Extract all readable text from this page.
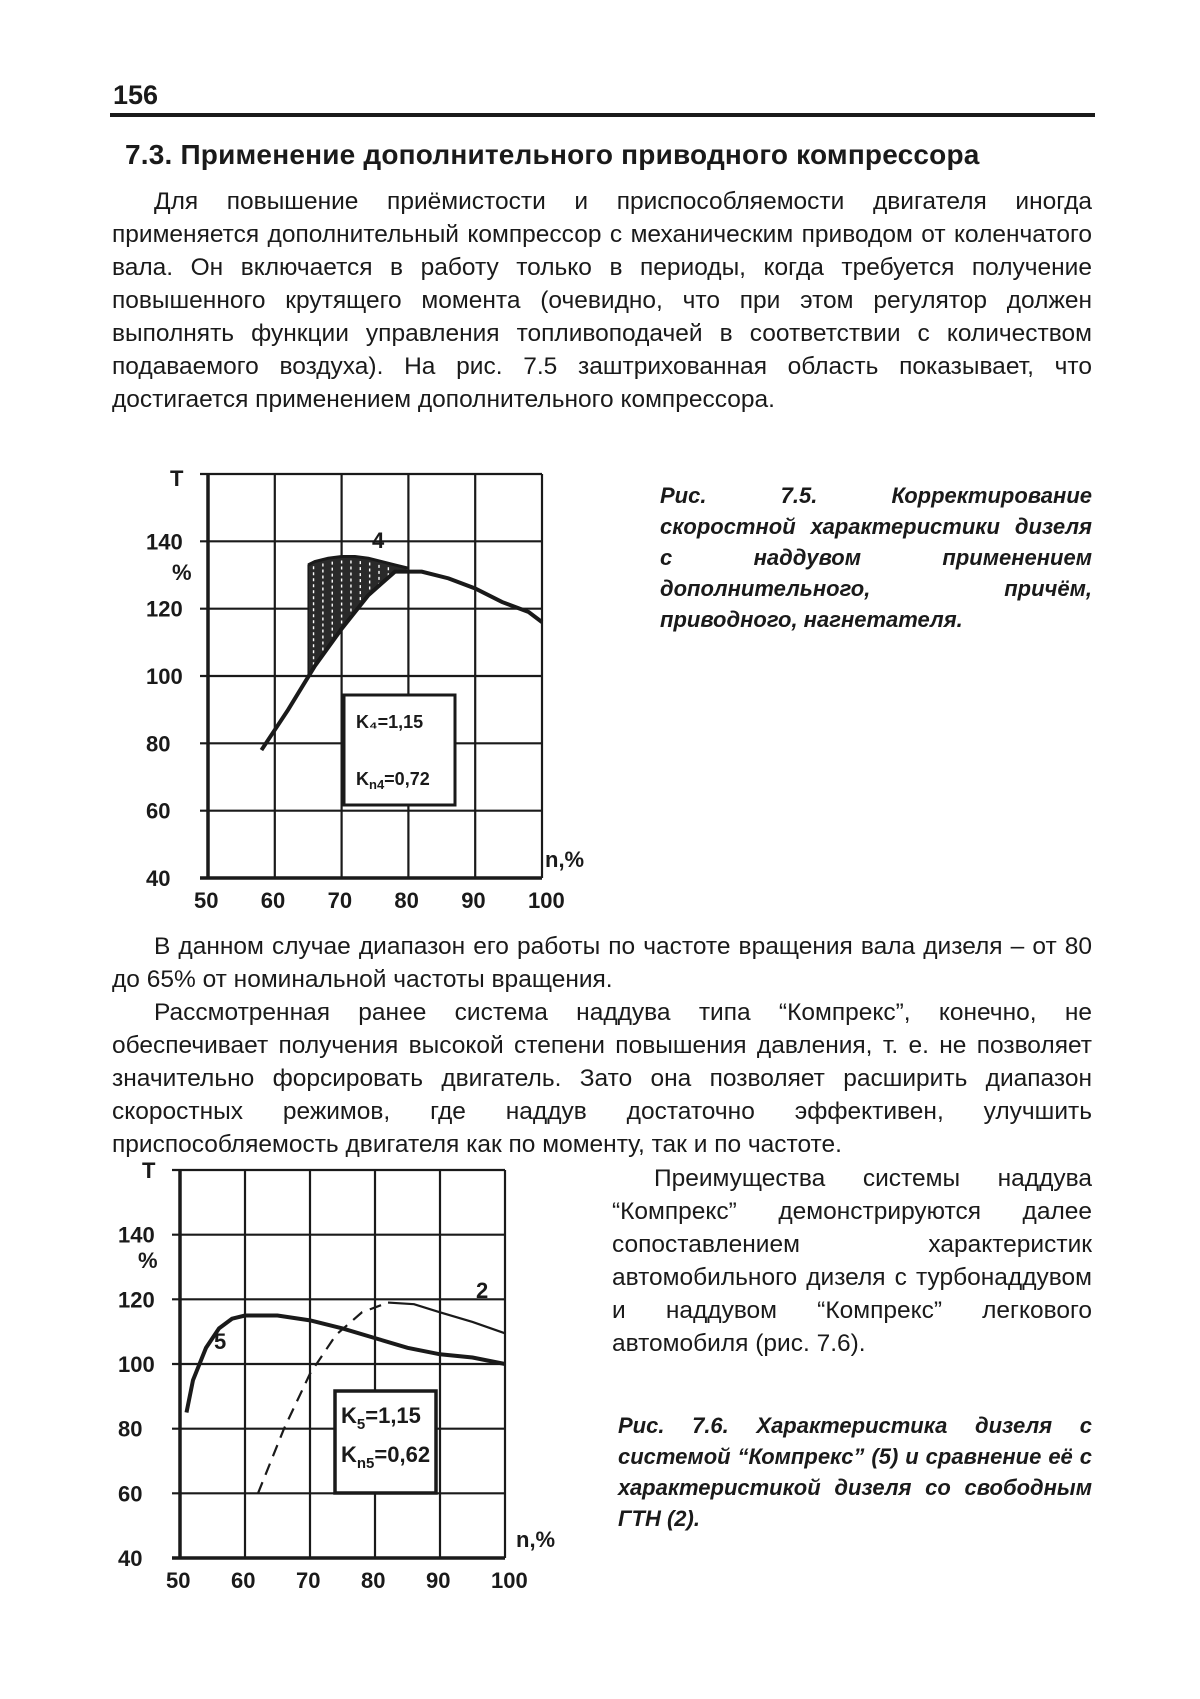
156
7.3. Применение дополнительного приводного компрессора

Для повышение приёмистости и приспособляемости двигателя иногда применяется дополнительный компрессор с механическим приводом от коленчатого вала. Он включается в работу только в периоды, когда требуется получение повышенного крутящего момента (очевидно, что при этом регулятор должен выполнять функции управления топливоподачей в соответствии с количеством подаваемого воздуха). На рис. 7.5 заштрихованная область показывает, что достигается применением дополнительного компрессора.

50 60 70 80 90 100
40
60
80
100
120
140
T
%
n,%
4
K₄=1,15
$K_{n4}=0,72$

Рис. 7.5. Корректирование скоростной характеристики дизеля с наддувом применением дополнительного, причём, приводного, нагнетателя.

В данном случае диапазон его работы по частоте вращения вала дизеля – от 80 до 65% от номинальной частоты вращения.

Рассмотренная ранее система наддува типа “Компрекс”, конечно, не обеспечивает получения высокой степени повышения давления, т. е. не позволяет значительно форсировать двигатель. Зато она позволяет расширить диапазон скоростных режимов, где наддув достаточно эффективен, улучшить приспособляемость двигателя как по моменту, так и по частоте.

Преимущества системы наддува “Компрекс” демонстрируются далее сопоставлением характеристик автомобильного дизеля с турбонаддувом и наддувом “Компрекс” легкового автомобиля (рис. 7.6).

50 60 70 80 90 100
40
60
80
100
120
140
T
%
n,%
5
2
$K_5=1,15$
$K_{n5}=0,62$

Рис. 7.6. Характеристика дизеля с системой “Компрекс” (5) и сравнение её с характеристикой дизеля со свободным ГТН (2).
